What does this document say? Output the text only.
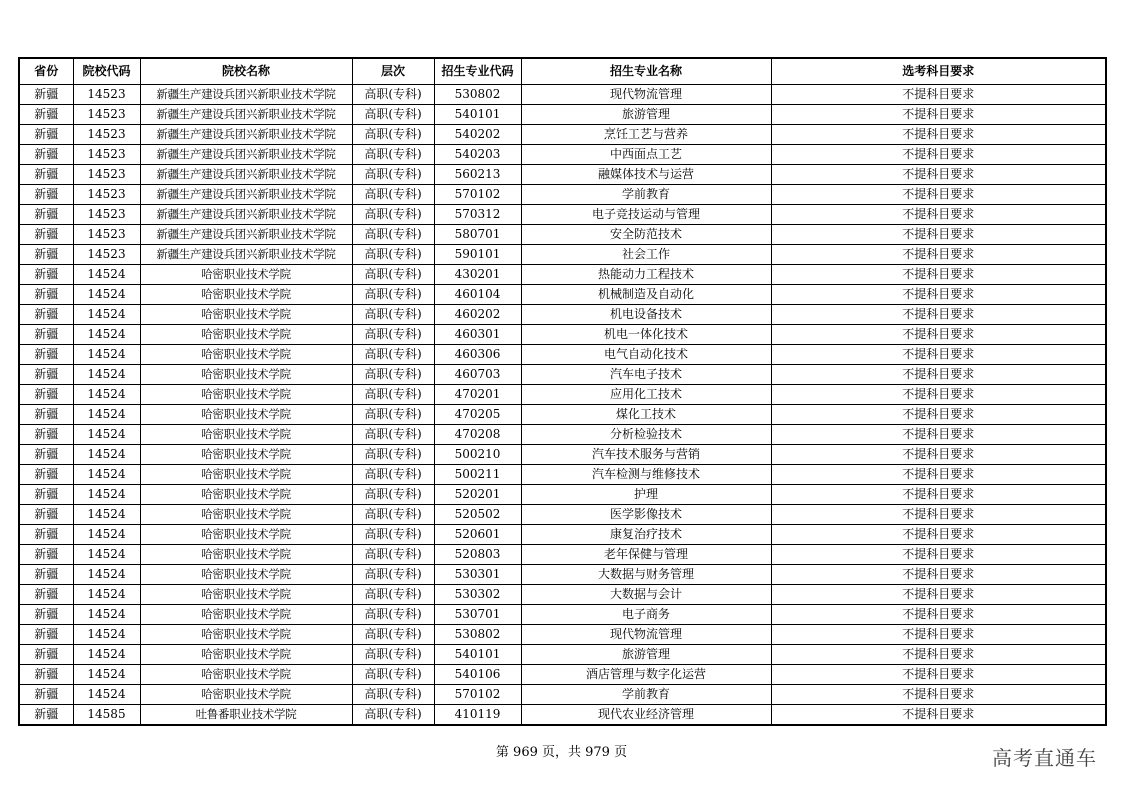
省份	院校代码	院校名称	层次	招生专业代码	招生专业名称	选考科目要求
新疆	14523	新疆生产建设兵团兴新职业技术学院	高职(专科)	530802	现代物流管理	不提科目要求
新疆	14523	新疆生产建设兵团兴新职业技术学院	高职(专科)	540101	旅游管理	不提科目要求
新疆	14523	新疆生产建设兵团兴新职业技术学院	高职(专科)	540202	烹饪工艺与营养	不提科目要求
新疆	14523	新疆生产建设兵团兴新职业技术学院	高职(专科)	540203	中西面点工艺	不提科目要求
新疆	14523	新疆生产建设兵团兴新职业技术学院	高职(专科)	560213	融媒体技术与运营	不提科目要求
新疆	14523	新疆生产建设兵团兴新职业技术学院	高职(专科)	570102	学前教育	不提科目要求
新疆	14523	新疆生产建设兵团兴新职业技术学院	高职(专科)	570312	电子竞技运动与管理	不提科目要求
新疆	14523	新疆生产建设兵团兴新职业技术学院	高职(专科)	580701	安全防范技术	不提科目要求
新疆	14523	新疆生产建设兵团兴新职业技术学院	高职(专科)	590101	社会工作	不提科目要求
新疆	14524	哈密职业技术学院	高职(专科)	430201	热能动力工程技术	不提科目要求
新疆	14524	哈密职业技术学院	高职(专科)	460104	机械制造及自动化	不提科目要求
新疆	14524	哈密职业技术学院	高职(专科)	460202	机电设备技术	不提科目要求
新疆	14524	哈密职业技术学院	高职(专科)	460301	机电一体化技术	不提科目要求
新疆	14524	哈密职业技术学院	高职(专科)	460306	电气自动化技术	不提科目要求
新疆	14524	哈密职业技术学院	高职(专科)	460703	汽车电子技术	不提科目要求
新疆	14524	哈密职业技术学院	高职(专科)	470201	应用化工技术	不提科目要求
新疆	14524	哈密职业技术学院	高职(专科)	470205	煤化工技术	不提科目要求
新疆	14524	哈密职业技术学院	高职(专科)	470208	分析检验技术	不提科目要求
新疆	14524	哈密职业技术学院	高职(专科)	500210	汽车技术服务与营销	不提科目要求
新疆	14524	哈密职业技术学院	高职(专科)	500211	汽车检测与维修技术	不提科目要求
新疆	14524	哈密职业技术学院	高职(专科)	520201	护理	不提科目要求
新疆	14524	哈密职业技术学院	高职(专科)	520502	医学影像技术	不提科目要求
新疆	14524	哈密职业技术学院	高职(专科)	520601	康复治疗技术	不提科目要求
新疆	14524	哈密职业技术学院	高职(专科)	520803	老年保健与管理	不提科目要求
新疆	14524	哈密职业技术学院	高职(专科)	530301	大数据与财务管理	不提科目要求
新疆	14524	哈密职业技术学院	高职(专科)	530302	大数据与会计	不提科目要求
新疆	14524	哈密职业技术学院	高职(专科)	530701	电子商务	不提科目要求
新疆	14524	哈密职业技术学院	高职(专科)	530802	现代物流管理	不提科目要求
新疆	14524	哈密职业技术学院	高职(专科)	540101	旅游管理	不提科目要求
新疆	14524	哈密职业技术学院	高职(专科)	540106	酒店管理与数字化运营	不提科目要求
新疆	14524	哈密职业技术学院	高职(专科)	570102	学前教育	不提科目要求
新疆	14585	吐鲁番职业技术学院	高职(专科)	410119	现代农业经济管理	不提科目要求
第 969 页，共 979 页	高考直通车
